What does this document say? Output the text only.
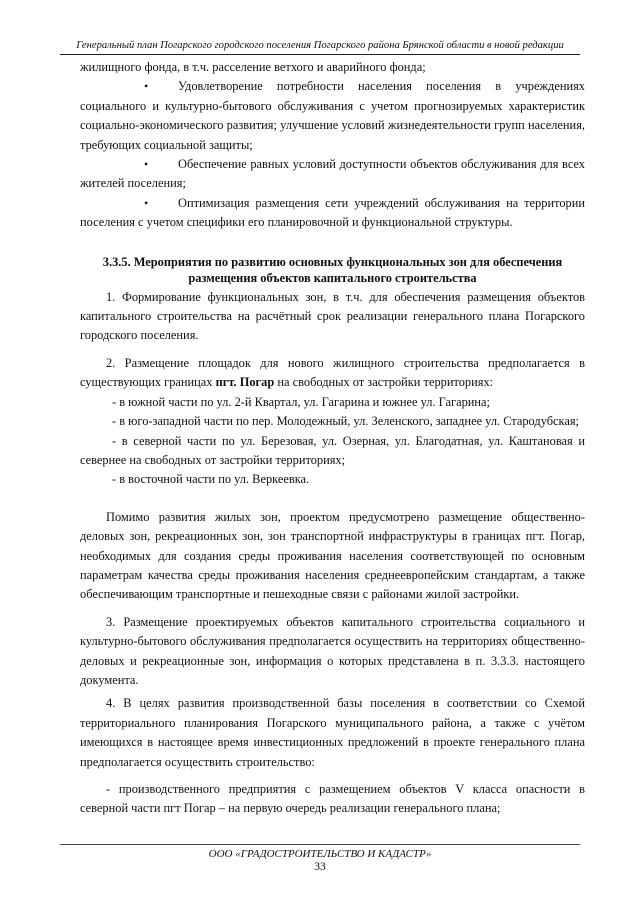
Генеральный план Погарского городского поселения Погарского района Брянской области в новой редакции

жилищного фонда, в т.ч. расселение ветхого и аварийного фонда;

• Удовлетворение потребности населения поселения в учреждениях социального и культурно-бытового обслуживания с учетом прогнозируемых характеристик социально-экономического развития; улучшение условий жизнедеятельности групп населения, требующих социальной защиты;

• Обеспечение равных условий доступности объектов обслуживания для всех жителей поселения;

• Оптимизация размещения сети учреждений обслуживания на территории поселения с учетом специфики его планировочной и функциональной структуры.

3.3.5. Мероприятия по развитию основных функциональных зон для обеспечения
размещения объектов капитального строительства

1. Формирование функциональных зон, в т.ч. для обеспечения размещения объектов капитального строительства на расчётный срок реализации генерального плана Погарского городского поселения.

2. Размещение площадок для нового жилищного строительства предполагается в существующих границах пгт. Погар на свободных от застройки территориях:

- в южной части по ул. 2-й Квартал, ул. Гагарина и южнее ул. Гагарина;

- в юго-западной части по пер. Молодежный, ул. Зеленского, западнее ул. Стародубская;

- в северной части по ул. Березовая, ул. Озерная, ул. Благодатная, ул. Каштановая и севернее на свободных от застройки территориях;

- в восточной части по ул. Веркеевка.

Помимо развития жилых зон, проектом предусмотрено размещение общественно-деловых зон, рекреационных зон, зон транспортной инфраструктуры в границах пгт. Погар, необходимых для создания среды проживания населения соответствующей по основным параметрам качества среды проживания населения среднеевропейским стандартам, а также обеспечивающим транспортные и пешеходные связи с районами жилой застройки.

3. Размещение проектируемых объектов капитального строительства социального и культурно-бытового обслуживания предполагается осуществить на территориях общественно-деловых и рекреационные зон, информация о которых представлена в п. 3.3.3. настоящего документа.

4. В целях развития производственной базы поселения в соответствии со Схемой территориального планирования Погарского муниципального района, а также с учётом имеющихся в настоящее время инвестиционных предложений в проекте генерального плана предполагается осуществить строительство:

- производственного предприятия с размещением объектов V класса опасности в северной части пгт Погар – на первую очередь реализации генерального плана;

ООО «ГРАДОСТРОИТЕЛЬСТВО И КАДАСТР»
33
